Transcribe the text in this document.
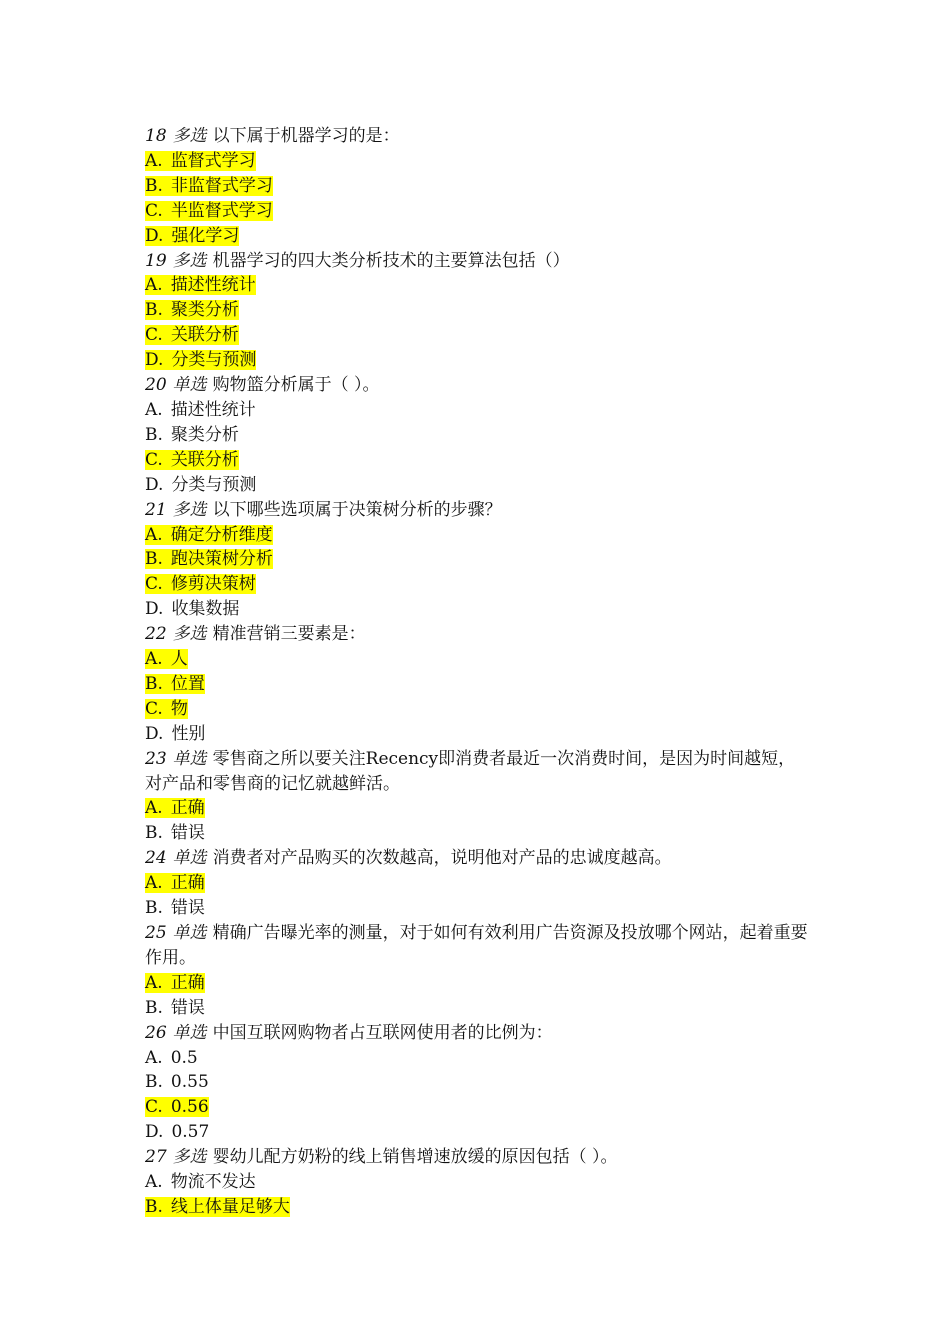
18 多选 以下属于机器学习的是：
A. 监督式学习
B. 非监督式学习
C. 半监督式学习
D. 强化学习
19 多选 机器学习的四大类分析技术的主要算法包括（）
A. 描述性统计
B. 聚类分析
C. 关联分析
D. 分类与预测
20 单选 购物篮分析属于（ ）。
A. 描述性统计
B. 聚类分析
C. 关联分析
D. 分类与预测
21 多选 以下哪些选项属于决策树分析的步骤？
A. 确定分析维度
B. 跑决策树分析
C. 修剪决策树
D. 收集数据
22 多选 精准营销三要素是：
A. 人
B. 位置
C. 物
D. 性别
23 单选 零售商之所以要关注Recency即消费者最近一次消费时间，是因为时间越短，对产品和零售商的记忆就越鲜活。
A. 正确
B. 错误
24 单选 消费者对产品购买的次数越高，说明他对产品的忠诚度越高。
A. 正确
B. 错误
25 单选 精确广告曝光率的测量，对于如何有效利用广告资源及投放哪个网站，起着重要作用。
A. 正确
B. 错误
26 单选 中国互联网购物者占互联网使用者的比例为：
A. 0.5
B. 0.55
C. 0.56
D. 0.57
27 多选 婴幼儿配方奶粉的线上销售增速放缓的原因包括（ ）。
A. 物流不发达
B. 线上体量足够大
